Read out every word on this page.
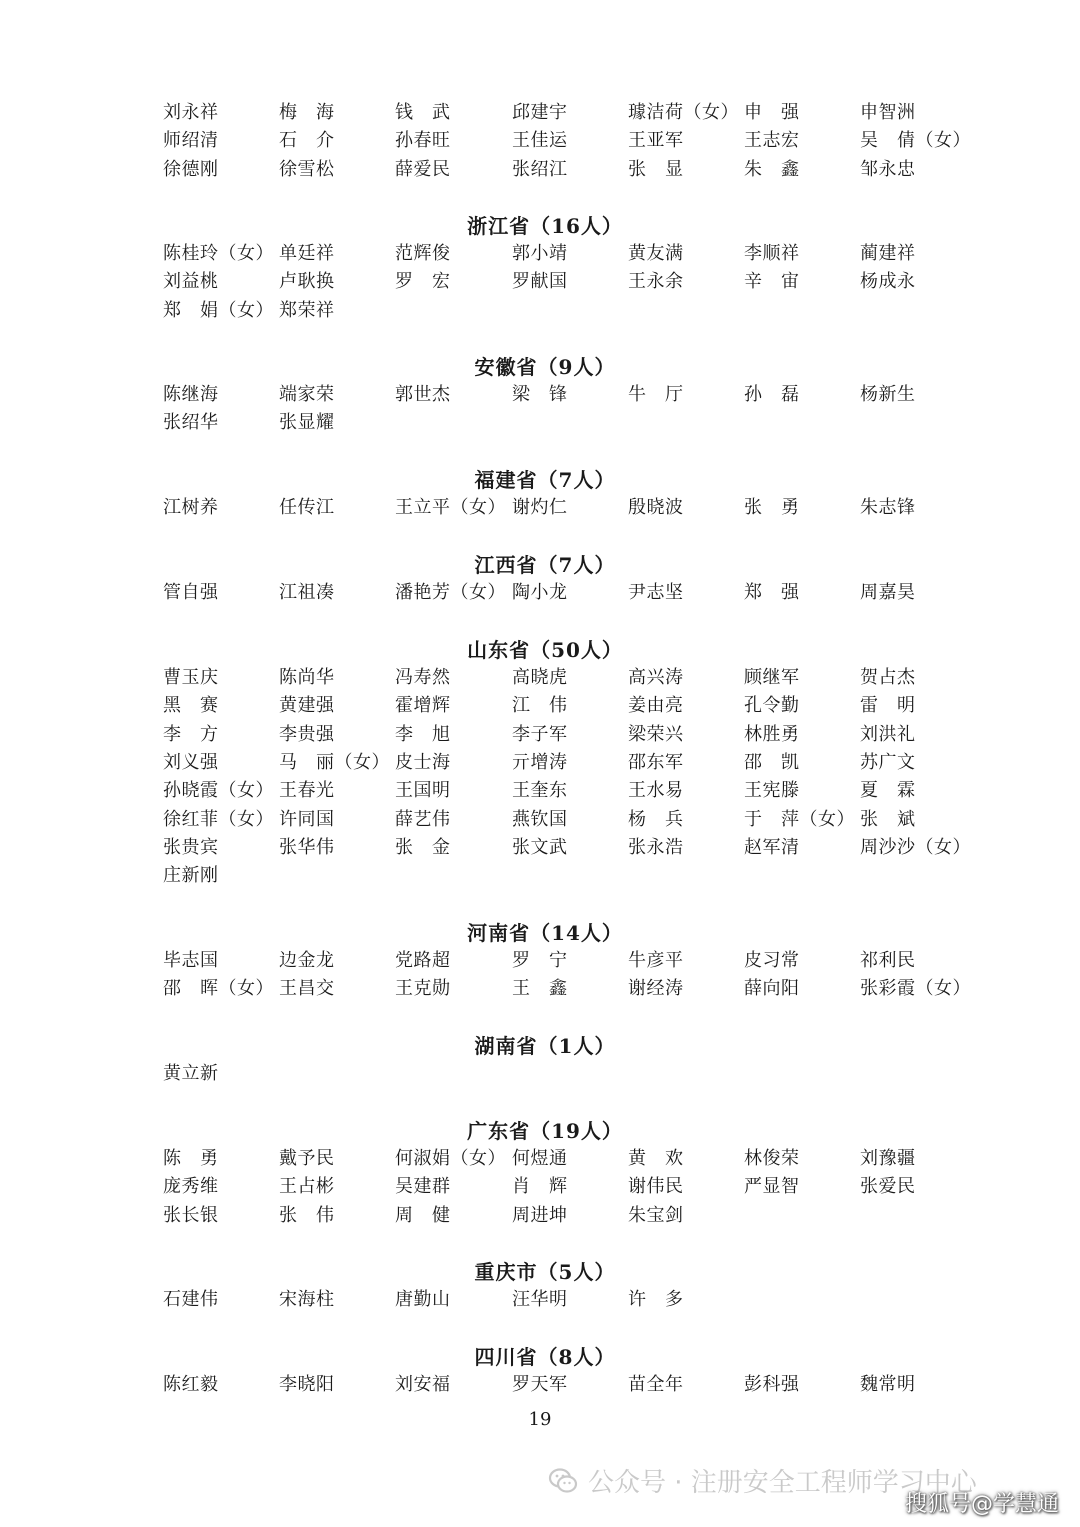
刘永祥	梅　海	钱　武	邱建宇	璩洁荷（女） 申　强	申智洲
师绍清	石　介	孙春旺	王佳运	王亚军	王志宏	吴　倩（女）
徐德刚	徐雪松	薛爱民	张绍江	张　显	朱　鑫	邹永忠
浙江省（16人）
陈桂玲（女） 单廷祥	范辉俊	郭小靖	黄友满	李顺祥	蔺建祥
刘益桃	卢耿换	罗　宏	罗献国	王永余	辛　宙	杨成永
郑　娟（女） 郑荣祥
安徽省（9人）
陈继海	端家荣	郭世杰	梁　锋	牛　厅	孙　磊	杨新生
张绍华	张显耀
福建省（7人）
江树养	任传江	王立平（女） 谢灼仁	殷晓波	张　勇	朱志锋
江西省（7人）
管自强	江祖凑	潘艳芳（女） 陶小龙	尹志坚	郑　强	周嘉昊
山东省（50人）
曹玉庆	陈尚华	冯寿然	高晓虎	高兴涛	顾继军	贺占杰
黑　赛	黄建强	霍增辉	江　伟	姜由亮	孔令勤	雷　明
李　方	李贵强	李　旭	李子军	梁荣兴	林胜勇	刘洪礼
刘义强	马　丽（女） 皮士海	亓增涛	邵东军	邵　凯	苏广文
孙晓霞（女） 王春光	王国明	王奎东	王水易	王宪滕	夏　霖
徐红菲（女） 许同国	薛艺伟	燕钦国	杨　兵	于　萍（女） 张　斌
张贵宾	张华伟	张　金	张文武	张永浩	赵军清	周沙沙（女）
庄新刚
河南省（14人）
毕志国	边金龙	党路超	罗　宁	牛彦平	皮习常	祁利民
邵　晖（女） 王昌交	王克勋	王　鑫	谢经涛	薛向阳	张彩霞（女）
湖南省（1人）
黄立新
广东省（19人）
陈　勇	戴予民	何淑娟（女） 何煜通	黄　欢	林俊荣	刘豫疆
庞秀维	王占彬	吴建群	肖　辉	谢伟民	严显智	张爱民
张长银	张　伟	周　健	周进坤	朱宝剑
重庆市（5人）
石建伟	宋海柱	唐勤山	汪华明	许　多
四川省（8人）
陈红毅	李晓阳	刘安福	罗天军	苗全年	彭科强	魏常明
19
公众号 · 注册安全工程师学习中心
搜狐号@学慧通
